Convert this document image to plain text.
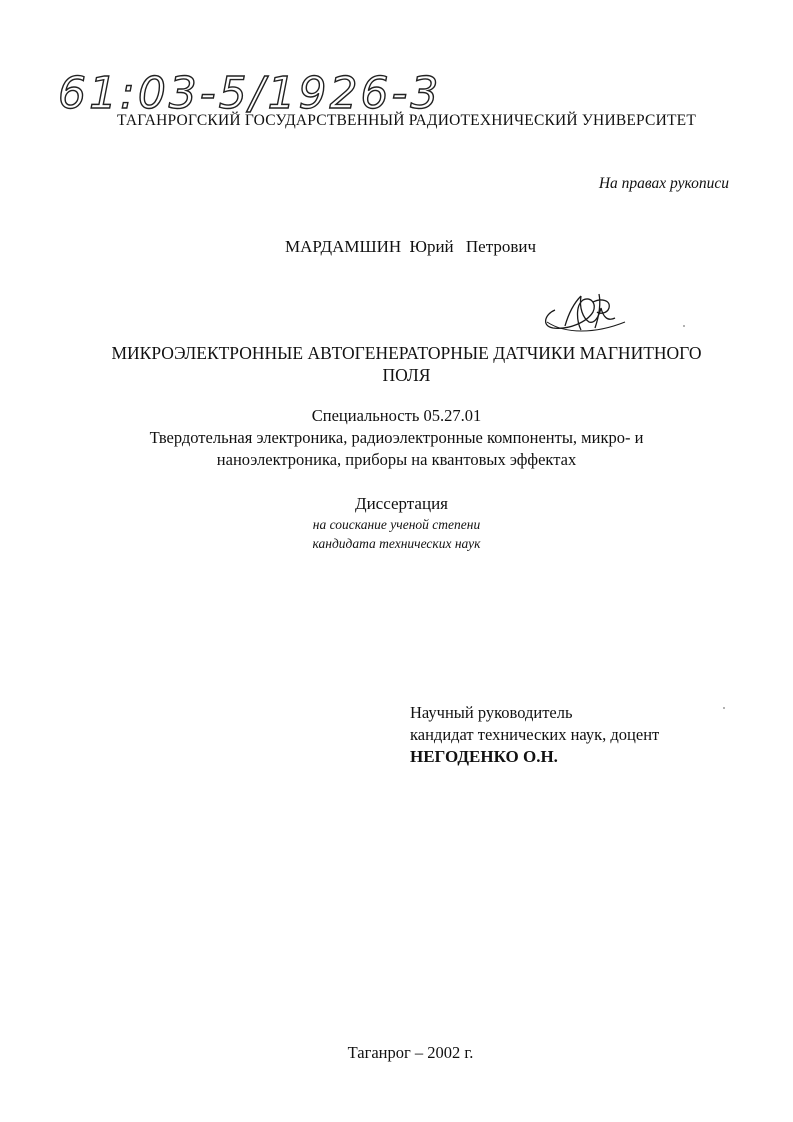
61:03-5/1926-3
ТАГАНРОГСКИЙ ГОСУДАРСТВЕННЫЙ РАДИОТЕХНИЧЕСКИЙ УНИВЕРСИТЕТ
На правах рукописи
МАРДАМШИН Юрий Петрович
МИКРОЭЛЕКТРОННЫЕ АВТОГЕНЕРАТОРНЫЕ ДАТЧИКИ МАГНИТНОГО
ПОЛЯ
Специальность 05.27.01
Твердотельная электроника, радиоэлектронные компоненты, микро- и
наноэлектроника, приборы на квантовых эффектах
Диссертация
на соискание ученой степени
кандидата технических наук
Научный руководитель
кандидат технических наук, доцент
НЕГОДЕНКО О.Н.
Таганрог – 2002 г.
